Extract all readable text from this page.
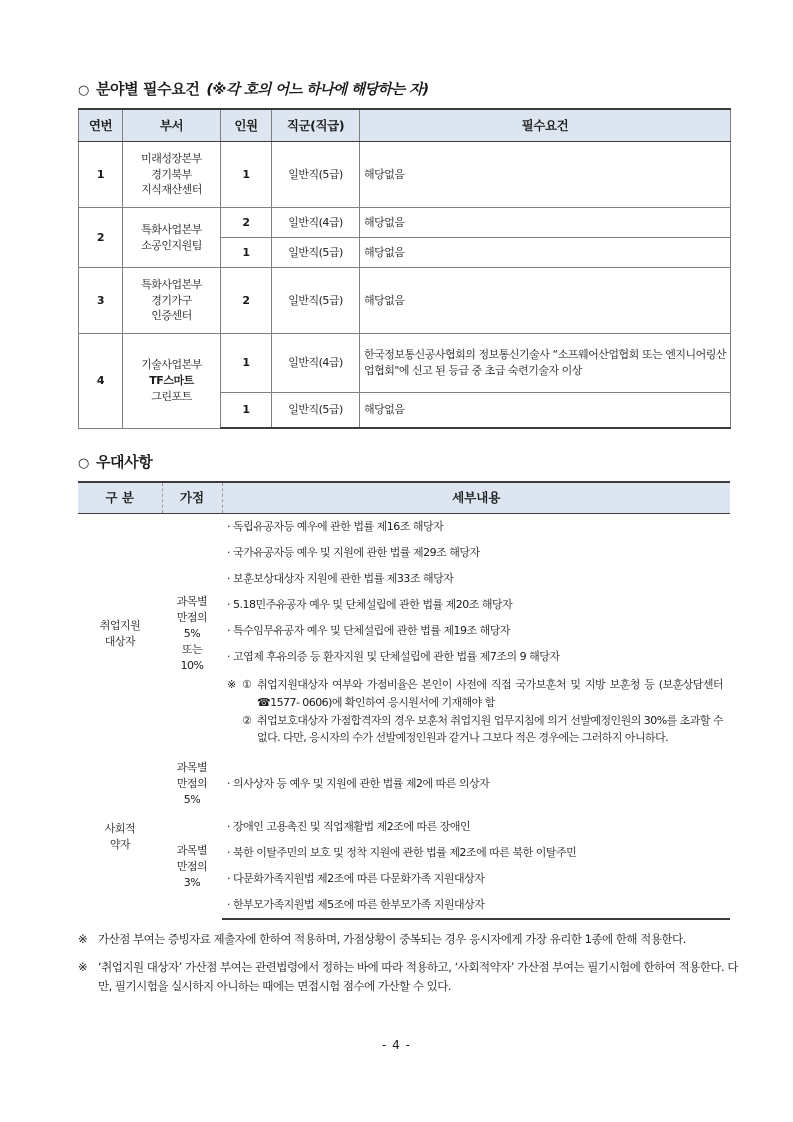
○ 분야별 필수요건 (※각 호의 어느 하나에 해당하는 자)
연번	부서	인원	직군(직급)	필수요건
1	미래성장본부
경기북부
지식재산센터	1	일반직(5급)	해당없음
2	특화사업본부
소공인지원팀	2	일반직(4급)	해당없음
		1	일반직(5급)	해당없음
3	특화사업본부
경기가구
인증센터	2	일반직(5급)	해당없음
4	기술사업본부
TF스마트
그린포트	1	일반직(4급)	한국정보통신공사협회의 정보통신기술사 “소프웨어산업협회 또는 엔지니어링산업협회"에 신고 된 등급 중 초급 숙련기술자 이상
		1	일반직(5급)	해당없음
○ 우대사항
구 분	가점	세부내용

취업지원
대상자	과목별
만점의
5%
또는
10%	· 독립유공자등 예우에 관한 법률 제16조 해당자
		· 국가유공자등 예우 및 지원에 관한 법률 제29조 해당자
		· 보훈보상대상자 지원에 관한 법률 제33조 해당자
		· 5.18민주유공자 예우 및 단체설립에 관한 법률 제20조 해당자
		· 특수임무유공자 예우 및 단체설립에 관한 법률 제19조 해당자
		· 고엽제 후유의증 등 환자지원 및 단체설립에 관한 법률 제7조의 9 해당자

		※ ① 취업지원대상자 여부와 가점비율은 본인이 사전에 직접 국가보훈처 및 지방 보훈청 등 (보훈상담센터 ☎1577- 0606)에 확인하여 응시원서에 기재해야 함
② 취업보호대상자 가점합격자의 경우 보훈처 취업지원 업무지침에 의거 선발예정인원의 30%를 초과할 수 없다. 다만, 응시자의 수가 선발예정인원과 같거나 그보다 적은 경우에는 그러하지 아니하다.

사회적
약자	과목별
만점의
5%	· 의사상자 등 예우 및 지원에 관한 법률 제2에 따른 의상자

	과목별
만점의
3%	· 장애인 고용촉진 및 직업재활법 제2조에 따른 장애인
		· 북한 이탈주민의 보호 및 정착 지원에 관한 법률 제2조에 따른 북한 이탈주민
		· 다문화가족지원법 제2조에 따른 다문화가족 지원대상자
		· 한부모가족지원법 제5조에 따른 한부모가족 지원대상자
※ 가산점 부여는 증빙자료 제출자에 한하여 적용하며, 가점상황이 중복되는 경우 응시자에게 가장 유리한 1종에 한해 적용한다.
※ ‘취업지원 대상자’ 가산점 부여는 관련법령에서 정하는 바에 따라 적용하고, ‘사회적약자’ 가산점 부여는 필기시험에 한하여 적용한다. 다만, 필기시험을 실시하지 아니하는 때에는 면접시험 점수에 가산할 수 있다.
- 4 -
